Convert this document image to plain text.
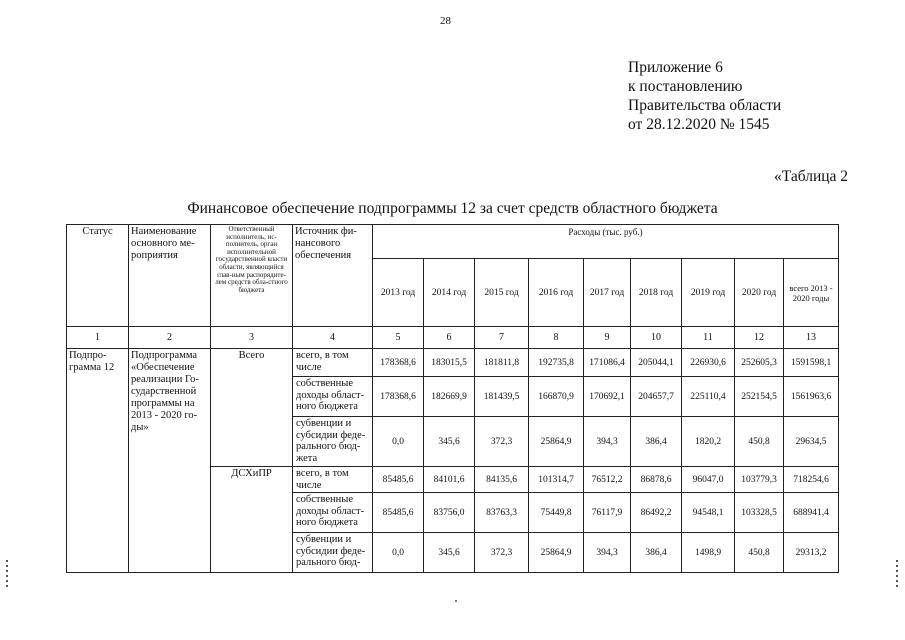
28
Приложение 6
к постановлению
Правительства области
от 28.12.2020 № 1545
«Таблица 2
Финансовое обеспечение подпрограммы 12 за счет средств областного бюджета
Статус	Наименование основного ме-роприятия	Ответственный исполнитель, ис-полнитель, орган исполнительной государственной власти области, являющийся глав-ным распорядите-лем средств обла-стного бюджета	Источник фи-нансового обеспечения	Расходы (тыс. руб.)								
				2013 год	2014 год	2015 год	2016 год	2017 год	2018 год	2019 год	2020 год	всего 2013 - 2020 годы
1	2	3	4	5	6	7	8	9	10	11	12	13
Подпро-грамма 12	Подпрограмма «Обеспечение реализации Го-сударственной программы на 2013 - 2020 го-ды»	Всего	всего, в том числе	178368,6	183015,5	181811,8	192735,8	171086,4	205044,1	226930,6	252605,3	1591598,1
			собственные доходы област-ного бюджета	178368,6	182669,9	181439,5	166870,9	170692,1	204657,7	225110,4	252154,5	1561963,6
			субвенции и субсидии феде-рального бюд-жета	0,0	345,6	372,3	25864,9	394,3	386,4	1820,2	450,8	29634,5
		ДСХиПР	всего, в том числе	85485,6	84101,6	84135,6	101314,7	76512,2	86878,6	96047,0	103779,3	718254,6
			собственные доходы област-ного бюджета	85485,6	83756,0	83763,3	75449,8	76117,9	86492,2	94548,1	103328,5	688941,4
			субвенции и субсидии феде-рального бюд-	0,0	345,6	372,3	25864,9	394,3	386,4	1498,9	450,8	29313,2
